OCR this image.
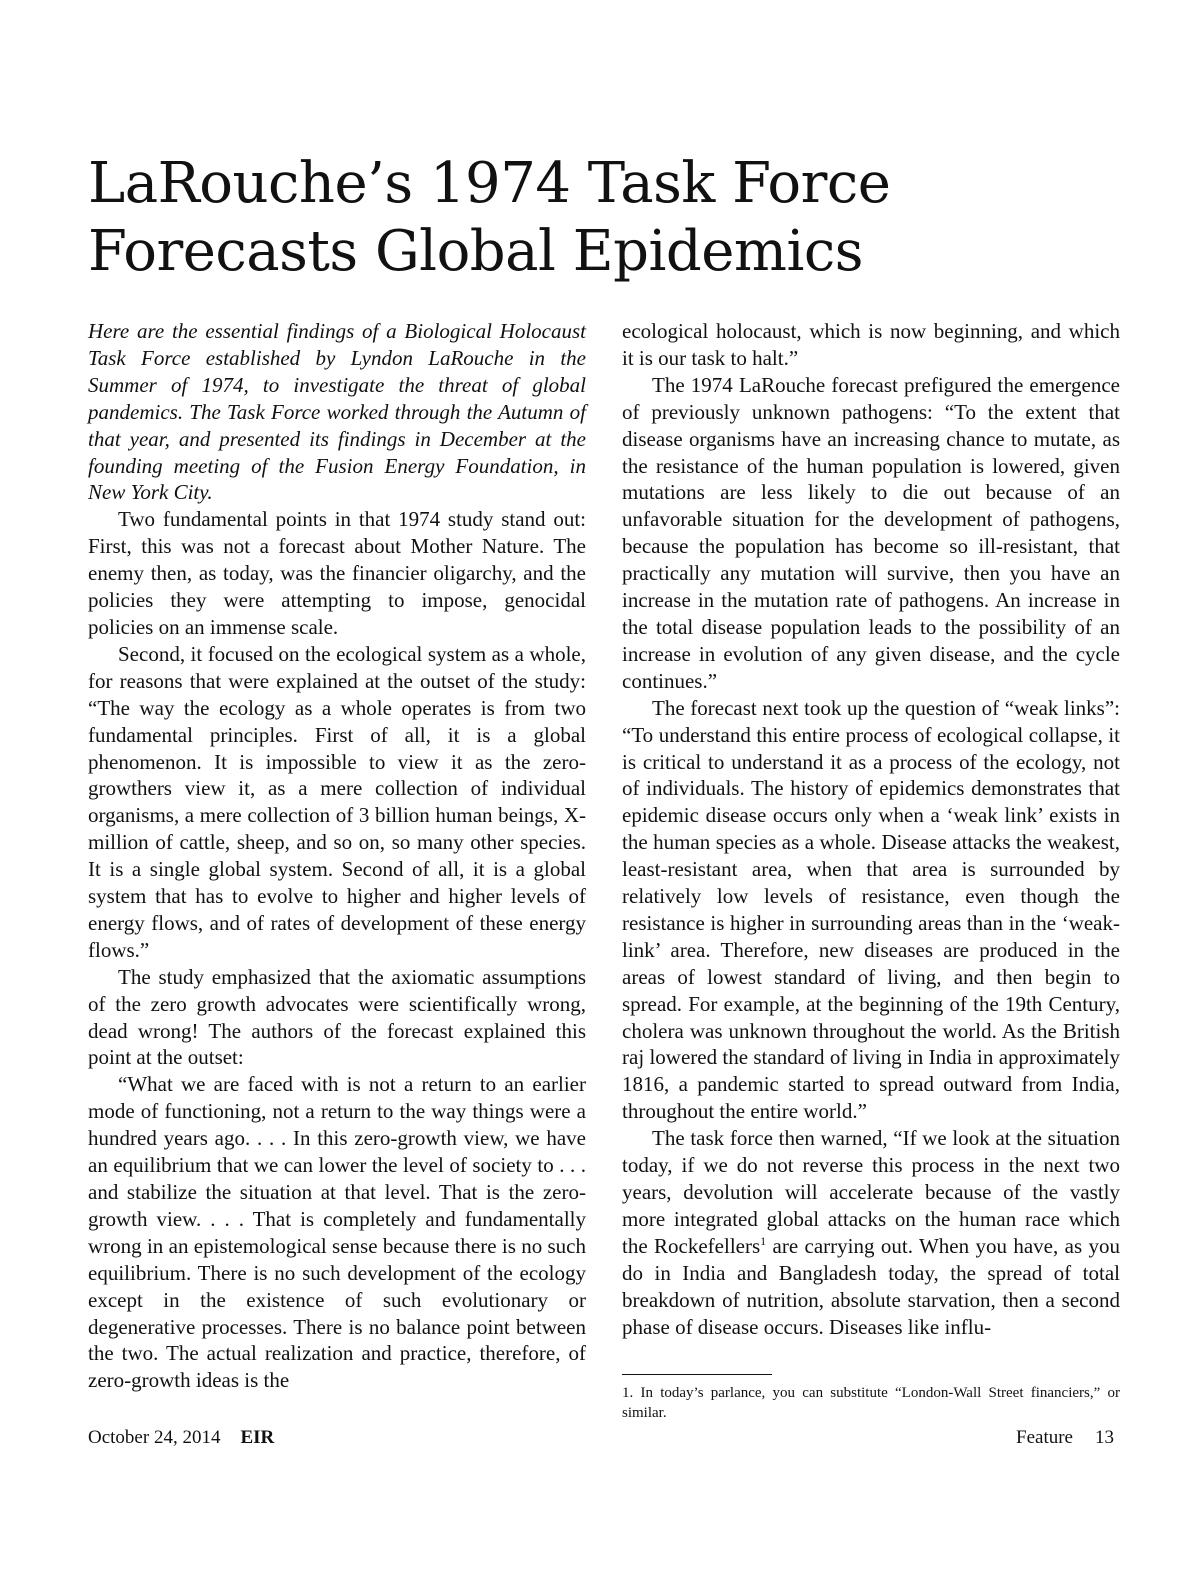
LaRouche’s 1974 Task Force
Forecasts Global Epidemics

Here are the essential findings of a Biological Holocaust Task Force established by Lyndon LaRouche in the Summer of 1974, to investigate the threat of global pandemics. The Task Force worked through the Autumn of that year, and presented its findings in December at the founding meeting of the Fusion Energy Foundation, in New York City.

Two fundamental points in that 1974 study stand out: First, this was not a forecast about Mother Nature. The enemy then, as today, was the financier oligarchy, and the policies they were attempting to impose, genocidal policies on an immense scale.

Second, it focused on the ecological system as a whole, for reasons that were explained at the outset of the study: “The way the ecology as a whole operates is from two fundamental principles. First of all, it is a global phenomenon. It is impossible to view it as the zero-growthers view it, as a mere collection of individual organisms, a mere collection of 3 billion human beings, X-million of cattle, sheep, and so on, so many other species. It is a single global system. Second of all, it is a global system that has to evolve to higher and higher levels of energy flows, and of rates of development of these energy flows.”

The study emphasized that the axiomatic assumptions of the zero growth advocates were scientifically wrong, dead wrong! The authors of the forecast explained this point at the outset:

“What we are faced with is not a return to an earlier mode of functioning, not a return to the way things were a hundred years ago. . . . In this zero-growth view, we have an equilibrium that we can lower the level of society to . . . and stabilize the situation at that level. That is the zero-growth view. . . . That is completely and fundamentally wrong in an epistemological sense because there is no such equilibrium. There is no such development of the ecology except in the existence of such evolutionary or degenerative processes. There is no balance point between the two. The actual realization and practice, therefore, of zero-growth ideas is the

ecological holocaust, which is now beginning, and which it is our task to halt.”

The 1974 LaRouche forecast prefigured the emergence of previously unknown pathogens: “To the extent that disease organisms have an increasing chance to mutate, as the resistance of the human population is lowered, given mutations are less likely to die out because of an unfavorable situation for the development of pathogens, because the population has become so ill-resistant, that practically any mutation will survive, then you have an increase in the mutation rate of pathogens. An increase in the total disease population leads to the possibility of an increase in evolution of any given disease, and the cycle continues.”

The forecast next took up the question of “weak links”: “To understand this entire process of ecological collapse, it is critical to understand it as a process of the ecology, not of individuals. The history of epidemics demonstrates that epidemic disease occurs only when a ‘weak link’ exists in the human species as a whole. Disease attacks the weakest, least-resistant area, when that area is surrounded by relatively low levels of resistance, even though the resistance is higher in surrounding areas than in the ‘weak-link’ area. Therefore, new diseases are produced in the areas of lowest standard of living, and then begin to spread. For example, at the beginning of the 19th Century, cholera was unknown throughout the world. As the British raj lowered the standard of living in India in approximately 1816, a pandemic started to spread outward from India, throughout the entire world.”

The task force then warned, “If we look at the situation today, if we do not reverse this process in the next two years, devolution will accelerate because of the vastly more integrated global attacks on the human race which the Rockefellers$^1$ are carrying out. When you have, as you do in India and Bangladesh today, the spread of total breakdown of nutrition, absolute starvation, then a second phase of disease occurs. Diseases like influ-

1. In today’s parlance, you can substitute “London-Wall Street financiers,” or similar.

October 24, 2014 EIR	Feature 13
